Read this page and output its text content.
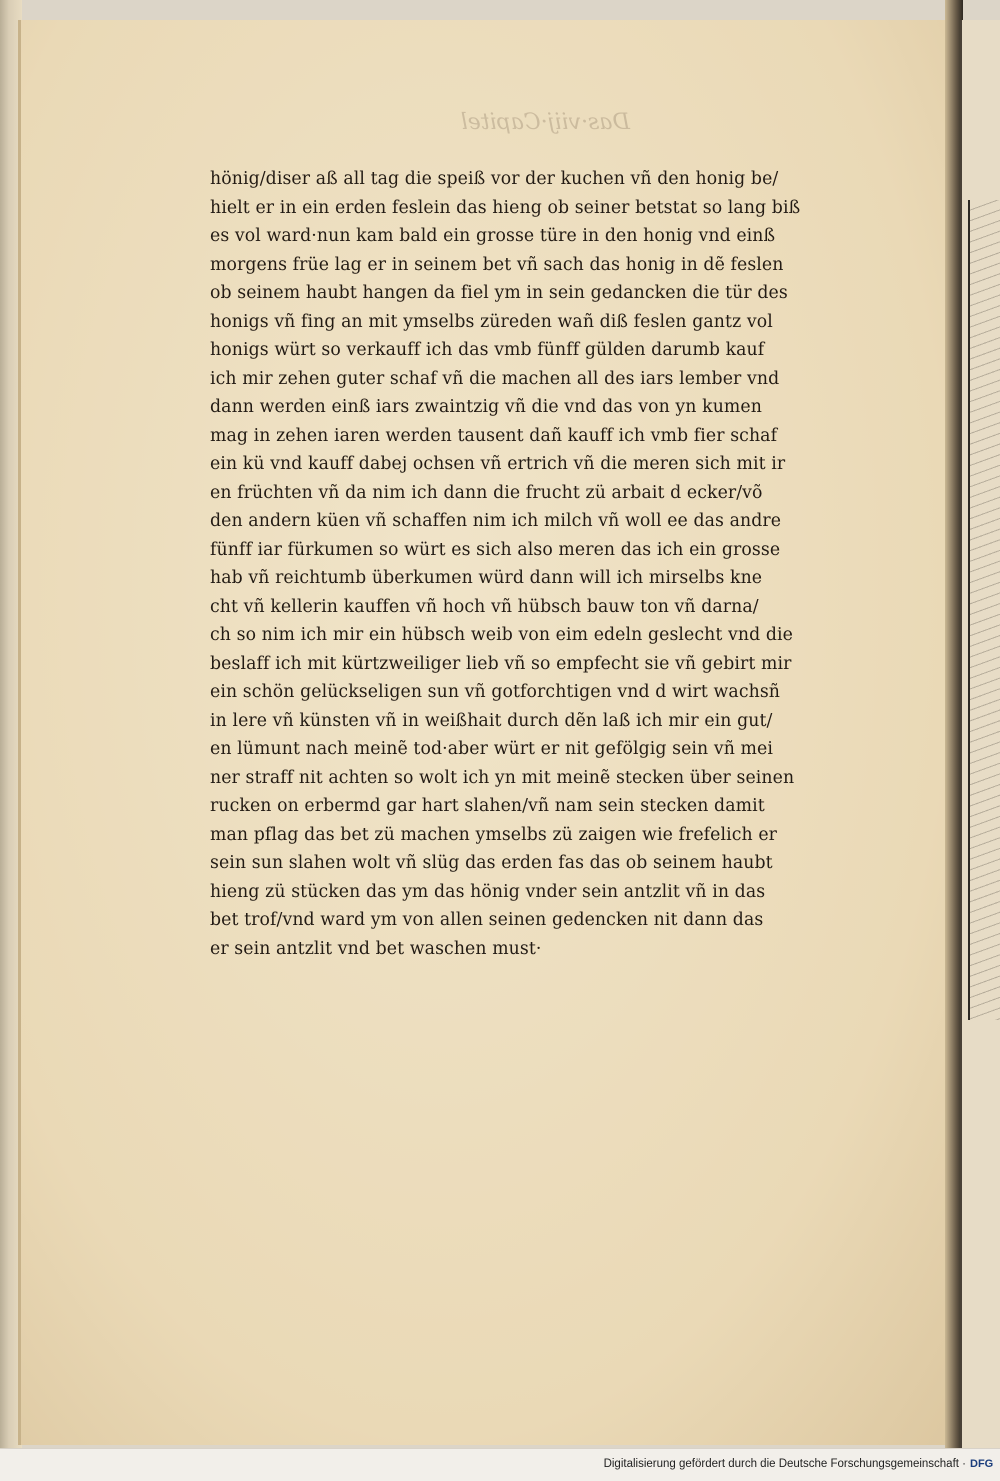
Das·viij·Capitel
hönig/diser aß all tag die speiß vor der kuchen vñ den honig be/
hielt er in ein erden feslein das hieng ob seiner betstat so lang biß
es vol ward·nun kam bald ein grosse türe in den honig vnd einß
morgens früe lag er in seinem bet vñ sach das honig in dẽ feslen
ob seinem haubt hangen da fiel ym in sein gedancken die tür des
honigs vñ fing an mit ymselbs züreden wañ diß feslen gantz vol
honigs würt so verkauff ich das vmb fünff gülden darumb kauf
ich mir zehen guter schaf vñ die machen all des iars lember vnd
dann werden einß iars zwaintzig vñ die vnd das von yn kumen
mag in zehen iaren werden tausent dañ kauff ich vmb fier schaf
ein kü vnd kauff dabej ochsen vñ ertrich vñ die meren sich mit ir
en früchten vñ da nim ich dann die frucht zü arbait d ecker/võ
den andern küen vñ schaffen nim ich milch vñ woll ee das andre
fünff iar fürkumen so würt es sich also meren das ich ein grosse
hab vñ reichtumb überkumen würd dann will ich mirselbs kne
cht vñ kellerin kauffen vñ hoch vñ hübsch bauw ton vñ darna/
ch so nim ich mir ein hübsch weib von eim edeln geslecht vnd die
beslaff ich mit kürtzweiliger lieb vñ so empfecht sie vñ gebirt mir
ein schön gelückseligen sun vñ gotforchtigen vnd d wirt wachsñ
in lere vñ künsten vñ in weißhait durch dẽn laß ich mir ein gut/
en lümunt nach meinẽ tod·aber würt er nit gefölgig sein vñ mei
ner straff nit achten so wolt ich yn mit meinẽ stecken über seinen
rucken on erbermd gar hart slahen/vñ nam sein stecken damit
man pflag das bet zü machen ymselbs zü zaigen wie frefelich er
sein sun slahen wolt vñ slüg das erden fas das ob seinem haubt
hieng zü stücken das ym das hönig vnder sein antzlit vñ in das
bet trof/vnd ward ym von allen seinen gedencken nit dann das
er sein antzlit vnd bet waschen must·
Digitalisierung gefördert durch die Deutsche Forschungsgemeinschaft · DFG
